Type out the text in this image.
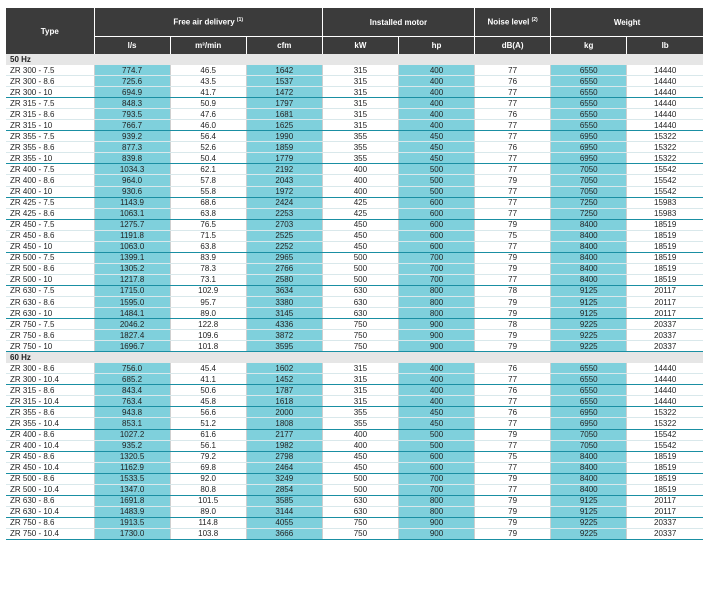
Type	Free air delivery $^{(1)}$			Installed motor		Noise level $^{(2)}$	Weight	
	l/s	m³/min	cfm	kW	hp	dB(A)	kg	lb
50 Hz								
ZR 300 - 7.5	774.7	46.5	1642	315	400	77	6550	14440
ZR 300 - 8.6	725.6	43.5	1537	315	400	76	6550	14440
ZR 300 - 10	694.9	41.7	1472	315	400	77	6550	14440
ZR 315 - 7.5	848.3	50.9	1797	315	400	77	6550	14440
ZR 315 - 8.6	793.5	47.6	1681	315	400	76	6550	14440
ZR 315 - 10	766.7	46.0	1625	315	400	77	6550	14440
ZR 355 - 7.5	939.2	56.4	1990	355	450	77	6950	15322
ZR 355 - 8.6	877.3	52.6	1859	355	450	76	6950	15322
ZR 355 - 10	839.8	50.4	1779	355	450	77	6950	15322
ZR 400 - 7.5	1034.3	62.1	2192	400	500	77	7050	15542
ZR 400 - 8.6	964.0	57.8	2043	400	500	79	7050	15542
ZR 400 - 10	930.6	55.8	1972	400	500	77	7050	15542
ZR 425 - 7.5	1143.9	68.6	2424	425	600	77	7250	15983
ZR 425 - 8.6	1063.1	63.8	2253	425	600	77	7250	15983
ZR 450 - 7.5	1275.7	76.5	2703	450	600	79	8400	18519
ZR 450 - 8.6	1191.8	71.5	2525	450	600	75	8400	18519
ZR 450 - 10	1063.0	63.8	2252	450	600	77	8400	18519
ZR 500 - 7.5	1399.1	83.9	2965	500	700	79	8400	18519
ZR 500 - 8.6	1305.2	78.3	2766	500	700	79	8400	18519
ZR 500 - 10	1217.8	73.1	2580	500	700	77	8400	18519
ZR 630 - 7.5	1715.0	102.9	3634	630	800	78	9125	20117
ZR 630 - 8.6	1595.0	95.7	3380	630	800	79	9125	20117
ZR 630 - 10	1484.1	89.0	3145	630	800	79	9125	20117
ZR 750 - 7.5	2046.2	122.8	4336	750	900	78	9225	20337
ZR 750 - 8.6	1827.4	109.6	3872	750	900	79	9225	20337
ZR 750 - 10	1696.7	101.8	3595	750	900	79	9225	20337
60 Hz								
ZR 300 - 8.6	756.0	45.4	1602	315	400	76	6550	14440
ZR 300 - 10.4	685.2	41.1	1452	315	400	77	6550	14440
ZR 315 - 8.6	843.4	50.6	1787	315	400	76	6550	14440
ZR 315 - 10.4	763.4	45.8	1618	315	400	77	6550	14440
ZR 355 - 8.6	943.8	56.6	2000	355	450	76	6950	15322
ZR 355 - 10.4	853.1	51.2	1808	355	450	77	6950	15322
ZR 400 - 8.6	1027.2	61.6	2177	400	500	79	7050	15542
ZR 400 - 10.4	935.2	56.1	1982	400	500	77	7050	15542
ZR 450 - 8.6	1320.5	79.2	2798	450	600	75	8400	18519
ZR 450 - 10.4	1162.9	69.8	2464	450	600	77	8400	18519
ZR 500 - 8.6	1533.5	92.0	3249	500	700	79	8400	18519
ZR 500 - 10.4	1347.0	80.8	2854	500	700	77	8400	18519
ZR 630 - 8.6	1691.8	101.5	3585	630	800	79	9125	20117
ZR 630 - 10.4	1483.9	89.0	3144	630	800	79	9125	20117
ZR 750 - 8.6	1913.5	114.8	4055	750	900	79	9225	20337
ZR 750 - 10.4	1730.0	103.8	3666	750	900	79	9225	20337
